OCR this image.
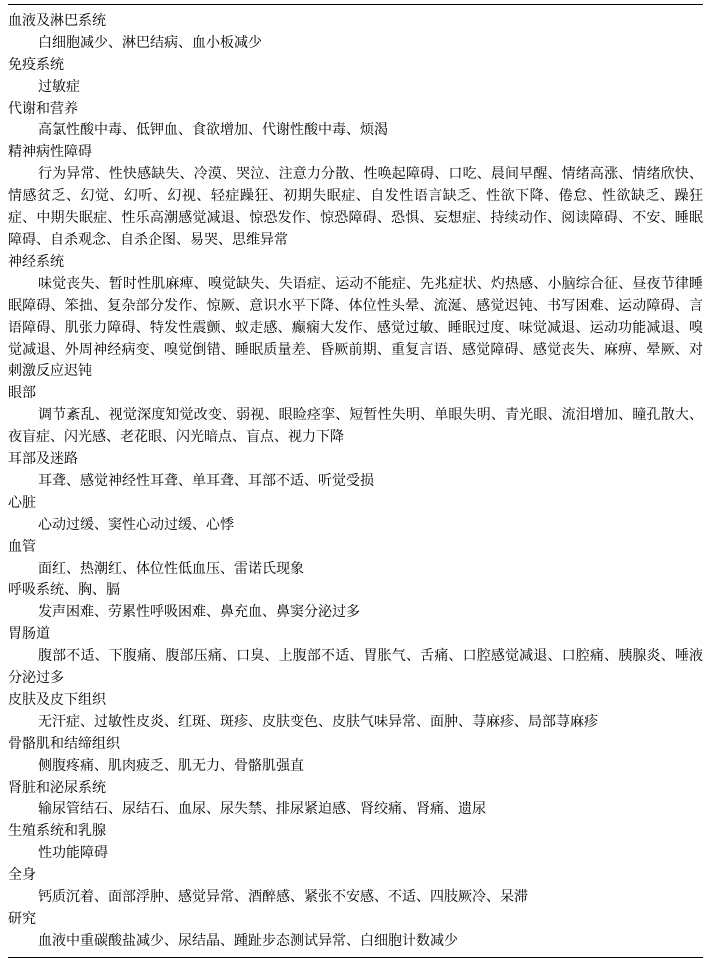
血液及淋巴系统
白细胞减少、淋巴结病、血小板减少
免疫系统
过敏症
代谢和营养
高氯性酸中毒、低钾血、食欲增加、代谢性酸中毒、烦渴
精神病性障碍
行为异常、性快感缺失、冷漠、哭泣、注意力分散、性唤起障碍、口吃、晨间早醒、情绪高涨、情绪欣快、情感贫乏、幻觉、幻听、幻视、轻症躁狂、初期失眠症、自发性语言缺乏、性欲下降、倦怠、性欲缺乏、躁狂症、中期失眠症、性乐高潮感觉减退、惊恐发作、惊恐障碍、恐惧、妄想症、持续动作、阅读障碍、不安、睡眠障碍、自杀观念、自杀企图、易哭、思维异常
神经系统
味觉丧失、暂时性肌麻痺、嗅觉缺失、失语症、运动不能症、先兆症状、灼热感、小脑综合征、昼夜节律睡眠障碍、笨拙、复杂部分发作、惊厥、意识水平下降、体位性头晕、流涎、感觉迟钝、书写困难、运动障碍、言语障碍、肌张力障碍、特发性震颤、蚁走感、癫痫大发作、感觉过敏、睡眠过度、味觉减退、运动功能减退、嗅觉减退、外周神经病变、嗅觉倒错、睡眠质量差、昏厥前期、重复言语、感觉障碍、感觉丧失、麻痹、晕厥、对刺激反应迟钝
眼部
调节紊乱、视觉深度知觉改变、弱视、眼睑痉挛、短暂性失明、单眼失明、青光眼、流泪增加、瞳孔散大、夜盲症、闪光感、老花眼、闪光暗点、盲点、视力下降
耳部及迷路
耳聋、感觉神经性耳聋、单耳聋、耳部不适、听觉受损
心脏
心动过缓、窦性心动过缓、心悸
血管
面红、热潮红、体位性低血压、雷诺氏现象
呼吸系统、胸、膈
发声困难、劳累性呼吸困难、鼻充血、鼻窦分泌过多
胃肠道
腹部不适、下腹痛、腹部压痛、口臭、上腹部不适、胃胀气、舌痛、口腔感觉减退、口腔痛、胰腺炎、唾液分泌过多
皮肤及皮下组织
无汗症、过敏性皮炎、红斑、斑疹、皮肤变色、皮肤气味异常、面肿、荨麻疹、局部荨麻疹
骨骼肌和结缔组织
侧腹疼痛、肌肉疲乏、肌无力、骨骼肌强直
肾脏和泌尿系统
输尿管结石、尿结石、血尿、尿失禁、排尿紧迫感、肾绞痛、肾痛、遗尿
生殖系统和乳腺
性功能障碍
全身
钙质沉着、面部浮肿、感觉异常、酒醉感、紧张不安感、不适、四肢厥冷、呆滞
研究
血液中重碳酸盐减少、尿结晶、踵趾步态测试异常、白细胞计数减少
